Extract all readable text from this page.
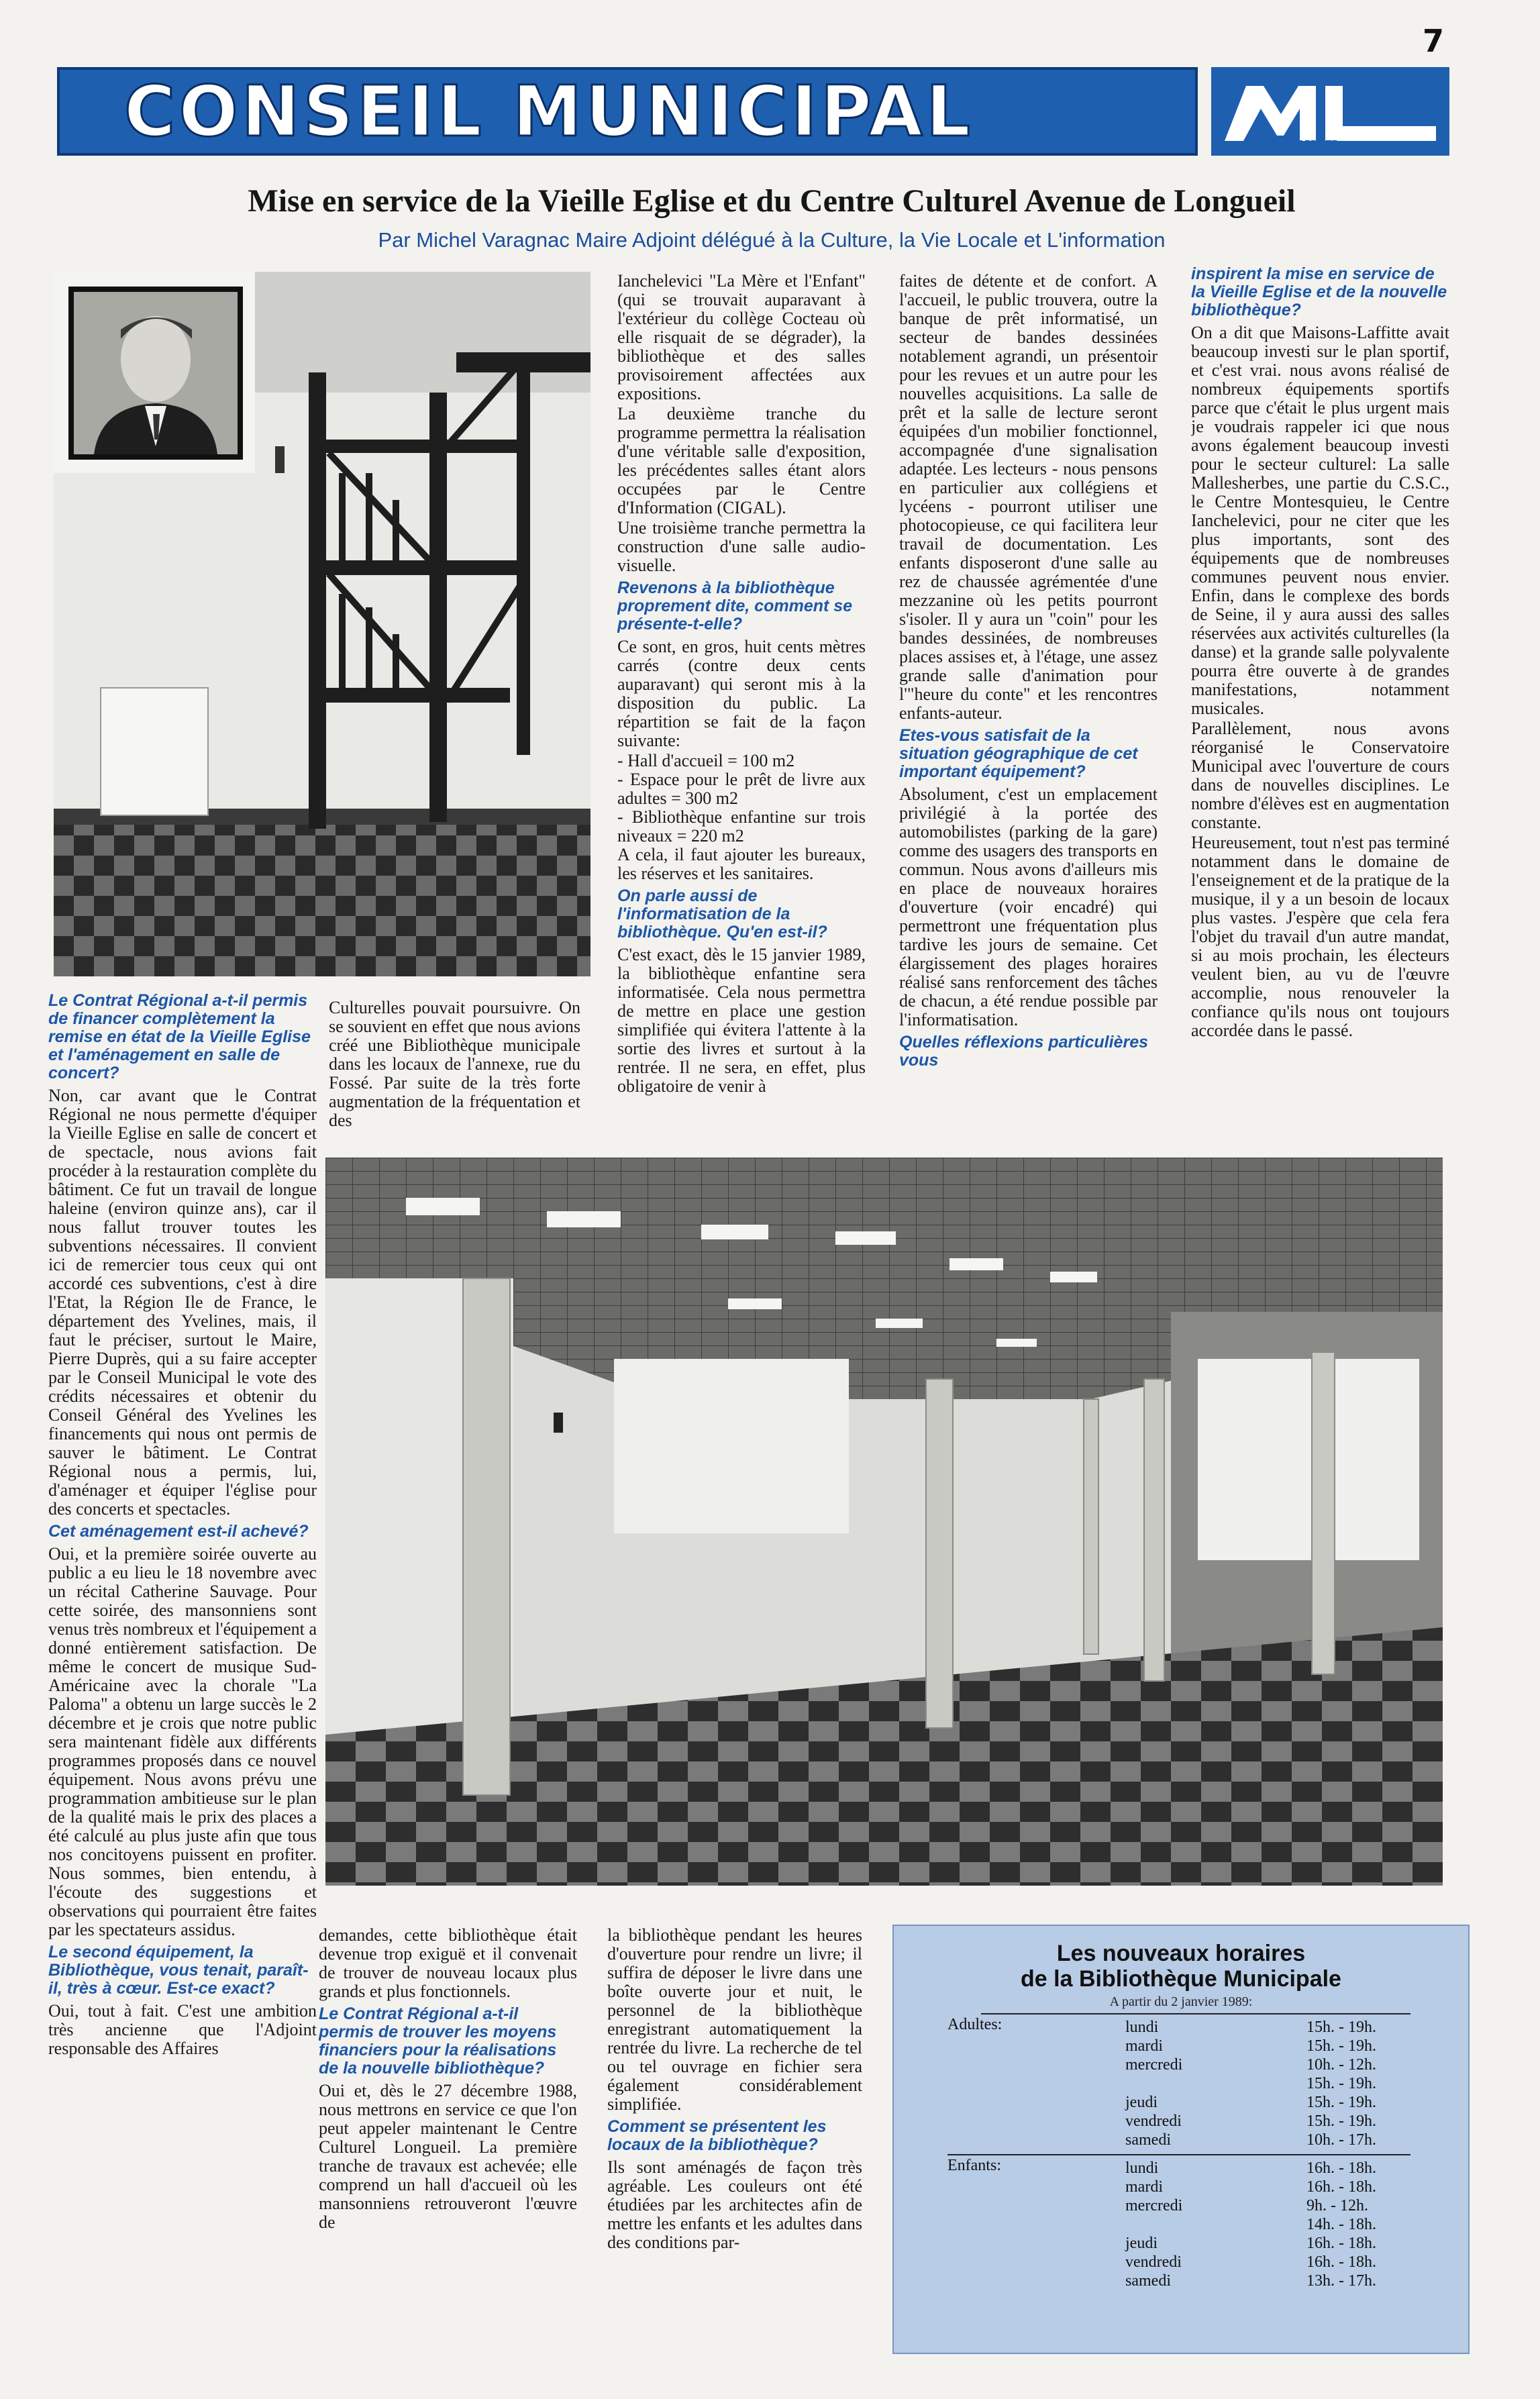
7
CONSEIL MUNICIPAL
ML
MAISONS LAFFITTE
Mise en service de la Vieille Eglise et du Centre Culturel Avenue de Longueil
Par Michel Varagnac Maire Adjoint délégué à la Culture, la Vie Locale et L'information

Ianchelevici "La Mère et l'Enfant" (qui se trouvait auparavant à l'extérieur du collège Cocteau où elle risquait de se dégrader), la bibliothèque et des salles provisoirement affectées aux expositions.

La deuxième tranche du programme permettra la réalisation d'une véritable salle d'exposition, les précédentes salles étant alors occupées par le Centre d'Information (CIGAL).

Une troisième tranche permettra la construction d'une salle audio-visuelle.

Revenons à la bibliothèque proprement dite, comment se présente-t-elle?

Ce sont, en gros, huit cents mètres carrés (contre deux cents auparavant) qui seront mis à la disposition du public. La répartition se fait de la façon suivante:

- Hall d'accueil = 100 m2

- Espace pour le prêt de livre aux adultes = 300 m2

- Bibliothèque enfantine sur trois niveaux = 220 m2

A cela, il faut ajouter les bureaux, les réserves et les sanitaires.

On parle aussi de l'informatisation de la bibliothèque. Qu'en est-il?

C'est exact, dès le 15 janvier 1989, la bibliothèque enfantine sera informatisée. Cela nous permettra de mettre en place une gestion simplifiée qui évitera l'attente à la sortie des livres et surtout à la rentrée. Il ne sera, en effet, plus obligatoire de venir à

faites de détente et de confort. A l'accueil, le public trouvera, outre la banque de prêt informatisé, un secteur de bandes dessinées notablement agrandi, un présentoir pour les revues et un autre pour les nouvelles acquisitions. La salle de prêt et la salle de lecture seront équipées d'un mobilier fonctionnel, accompagnée d'une signalisation adaptée. Les lecteurs - nous pensons en particulier aux collégiens et lycéens - pourront utiliser une photocopieuse, ce qui facilitera leur travail de documentation. Les enfants disposeront d'une salle au rez de chaussée agrémentée d'une mezzanine où les petits pourront s'isoler. Il y aura un "coin" pour les bandes dessinées, de nombreuses places assises et, à l'étage, une assez grande salle d'animation pour l'"heure du conte" et les rencontres enfants-auteur.

Etes-vous satisfait de la situation géographique de cet important équipement?

Absolument, c'est un emplacement privilégié à la portée des automobilistes (parking de la gare) comme des usagers des transports en commun. Nous avons d'ailleurs mis en place de nouveaux horaires d'ouverture (voir encadré) qui permettront une fréquentation plus tardive les jours de semaine. Cet élargissement des plages horaires réalisé sans renforcement des tâches de chacun, a été rendue possible par l'informatisation.

Quelles réflexions particulières vous

inspirent la mise en service de la Vieille Eglise et de la nouvelle bibliothèque?

On a dit que Maisons-Laffitte avait beaucoup investi sur le plan sportif, et c'est vrai. nous avons réalisé de nombreux équipements sportifs parce que c'était le plus urgent mais je voudrais rappeler ici que nous avons également beaucoup investi pour le secteur culturel: La salle Mallesherbes, une partie du C.S.C., le Centre Montesquieu, le Centre Ianchelevici, pour ne citer que les plus importants, sont des équipements que de nombreuses communes peuvent nous envier. Enfin, dans le complexe des bords de Seine, il y aura aussi des salles réservées aux activités culturelles (la danse) et la grande salle polyvalente pourra être ouverte à de grandes manifestations, notamment musicales.

Parallèlement, nous avons réorganisé le Conservatoire Municipal avec l'ouverture de cours dans de nouvelles disciplines. Le nombre d'élèves est en augmentation constante.

Heureusement, tout n'est pas terminé notamment dans le domaine de l'enseignement et de la pratique de la musique, il y a un besoin de locaux plus vastes. J'espère que cela fera l'objet du travail d'un autre mandat, si au mois prochain, les électeurs veulent bien, au vu de l'œuvre accomplie, nous renouveler la confiance qu'ils nous ont toujours accordée dans le passé.

Le Contrat Régional a-t-il permis de financer complètement la remise en état de la Vieille Eglise et l'aménagement en salle de concert?

Non, car avant que le Contrat Régional ne nous permette d'équiper la Vieille Eglise en salle de concert et de spectacle, nous avions fait procéder à la restauration complète du bâtiment. Ce fut un travail de longue haleine (environ quinze ans), car il nous fallut trouver toutes les subventions nécessaires. Il convient ici de remercier tous ceux qui ont accordé ces subventions, c'est à dire l'Etat, la Région Ile de France, le département des Yvelines, mais, il faut le préciser, surtout le Maire, Pierre Duprès, qui a su faire accepter par le Conseil Municipal le vote des crédits nécessaires et obtenir du Conseil Général des Yvelines les financements qui nous ont permis de sauver le bâtiment. Le Contrat Régional nous a permis, lui, d'aménager et équiper l'église pour des concerts et spectacles.

Cet aménagement est-il achevé?

Oui, et la première soirée ouverte au public a eu lieu le 18 novembre avec un récital Catherine Sauvage. Pour cette soirée, des mansonniens sont venus très nombreux et l'équipement a donné entièrement satisfaction. De même le concert de musique Sud-Américaine avec la chorale "La Paloma" a obtenu un large succès le 2 décembre et je crois que notre public sera maintenant fidèle aux différents programmes proposés dans ce nouvel équipement. Nous avons prévu une programmation ambitieuse sur le plan de la qualité mais le prix des places a été calculé au plus juste afin que tous nos concitoyens puissent en profiter. Nous sommes, bien entendu, à l'écoute des suggestions et observations qui pourraient être faites par les spectateurs assidus.

Le second équipement, la Bibliothèque, vous tenait, paraît-il, très à cœur. Est-ce exact?

Oui, tout à fait. C'est une ambition très ancienne que l'Adjoint responsable des Affaires

Culturelles pouvait poursuivre. On se souvient en effet que nous avions créé une Bibliothèque municipale dans les locaux de l'annexe, rue du Fossé. Par suite de la très forte augmentation de la fréquentation et des

demandes, cette bibliothèque était devenue trop exiguë et il convenait de trouver de nouveau locaux plus grands et plus fonctionnels.

Le Contrat Régional a-t-il permis de trouver les moyens financiers pour la réalisations de la nouvelle bibliothèque?

Oui et, dès le 27 décembre 1988, nous mettrons en service ce que l'on peut appeler maintenant le Centre Culturel Longueil. La première tranche de travaux est achevée; elle comprend un hall d'accueil où les mansonniens retrouveront l'œuvre de

la bibliothèque pendant les heures d'ouverture pour rendre un livre; il suffira de déposer le livre dans une boîte ouverte jour et nuit, le personnel de la bibliothèque enregistrant automatiquement la rentrée du livre. La recherche de tel ou tel ouvrage en fichier sera également considérablement simplifiée.

Comment se présentent les locaux de la bibliothèque?

Ils sont aménagés de façon très agréable. Les couleurs ont été étudiées par les architectes afin de mettre les enfants et les adultes dans des conditions par-

Les nouveaux horaires
de la Bibliothèque Municipale
A partir du 2 janvier 1989:
Adultes:	lundi	15h. - 19h.
mardi	15h. - 19h.
mercredi	10h. - 12h.
15h. - 19h.
jeudi	15h. - 19h.
vendredi	15h. - 19h.
samedi	10h. - 17h.
Enfants:	lundi	16h. - 18h.
mardi	16h. - 18h.
mercredi	9h. - 12h.
14h. - 18h.
jeudi	16h. - 18h.
vendredi	16h. - 18h.
samedi	13h. - 17h.
